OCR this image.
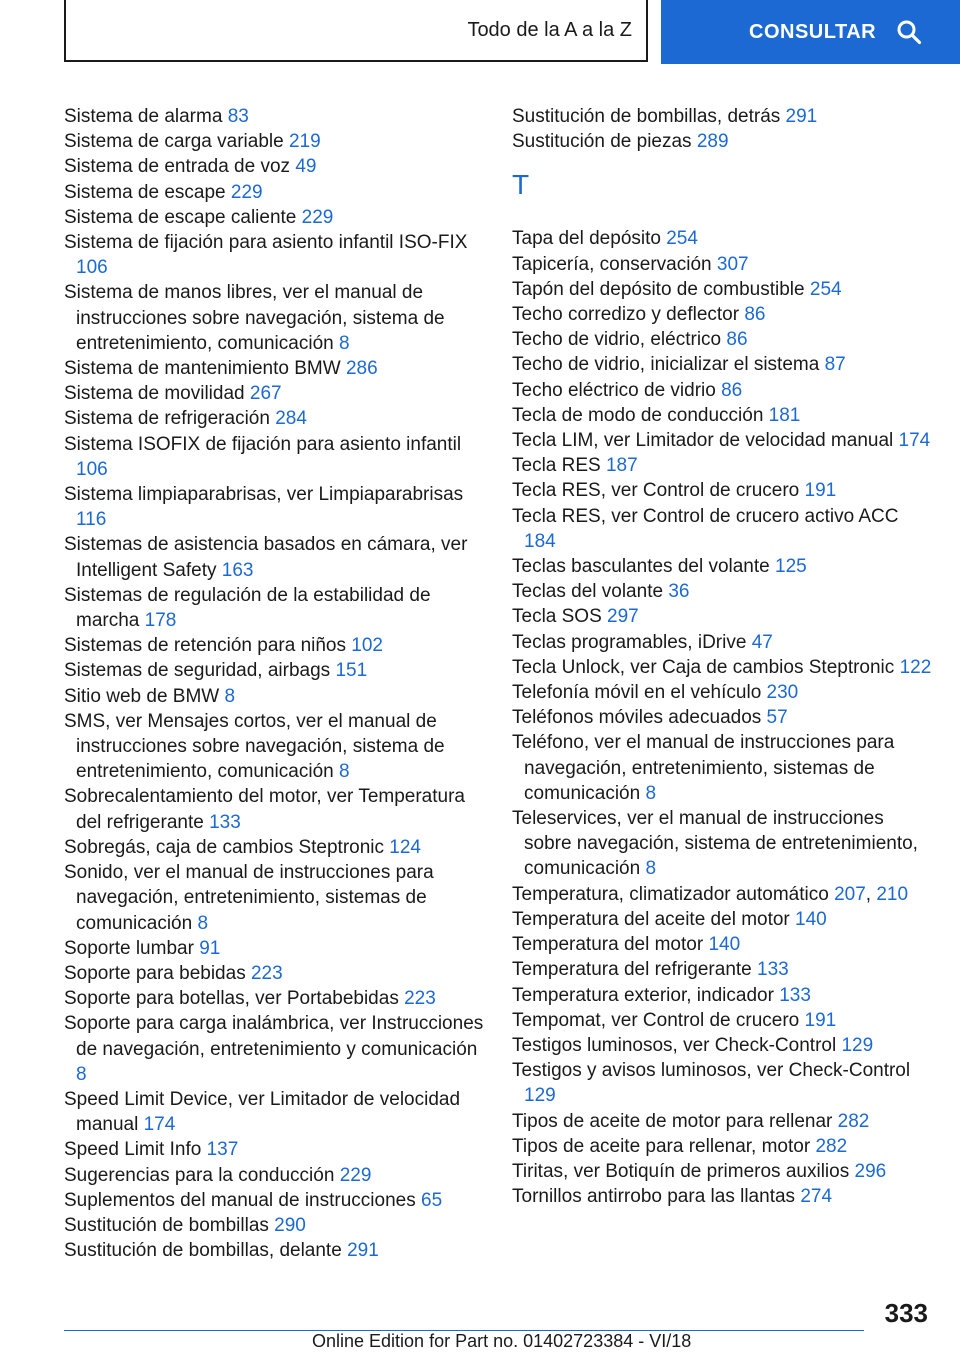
Todo de la A a la Z	CONSULTAR

Sistema de alarma 83

Sistema de carga variable 219

Sistema de entrada de voz 49

Sistema de escape 229

Sistema de escape caliente 229

Sistema de fijación para asiento infantil ISO-FIX 106

Sistema de manos libres, ver el manual de instrucciones sobre navegación, sistema de entretenimiento, comunicación 8

Sistema de mantenimiento BMW 286

Sistema de movilidad 267

Sistema de refrigeración 284

Sistema ISOFIX de fijación para asiento infantil 106

Sistema limpiaparabrisas, ver Limpiaparabrisas 116

Sistemas de asistencia basados en cámara, ver Intelligent Safety 163

Sistemas de regulación de la estabilidad de marcha 178

Sistemas de retención para niños 102

Sistemas de seguridad, airbags 151

Sitio web de BMW 8

SMS, ver Mensajes cortos, ver el manual de instrucciones sobre navegación, sistema de entretenimiento, comunicación 8

Sobrecalentamiento del motor, ver Temperatura del refrigerante 133

Sobregás, caja de cambios Steptronic 124

Sonido, ver el manual de instrucciones para navegación, entretenimiento, sistemas de comunicación 8

Soporte lumbar 91

Soporte para bebidas 223

Soporte para botellas, ver Portabebidas 223

Soporte para carga inalámbrica, ver Instrucciones de navegación, entretenimiento y comunicación 8

Speed Limit Device, ver Limitador de velocidad manual 174

Speed Limit Info 137

Sugerencias para la conducción 229

Suplementos del manual de instrucciones 65

Sustitución de bombillas 290

Sustitución de bombillas, delante 291

Sustitución de bombillas, detrás 291

Sustitución de piezas 289

T

Tapa del depósito 254

Tapicería, conservación 307

Tapón del depósito de combustible 254

Techo corredizo y deflector 86

Techo de vidrio, eléctrico 86

Techo de vidrio, inicializar el sistema 87

Techo eléctrico de vidrio 86

Tecla de modo de conducción 181

Tecla LIM, ver Limitador de velocidad manual 174

Tecla RES 187

Tecla RES, ver Control de crucero 191

Tecla RES, ver Control de crucero activo ACC 184

Teclas basculantes del volante 125

Teclas del volante 36

Tecla SOS 297

Teclas programables, iDrive 47

Tecla Unlock, ver Caja de cambios Steptronic 122

Telefonía móvil en el vehículo 230

Teléfonos móviles adecuados 57

Teléfono, ver el manual de instrucciones para navegación, entretenimiento, sistemas de comunicación 8

Teleservices, ver el manual de instrucciones sobre navegación, sistema de entretenimiento, comunicación 8

Temperatura, climatizador automático 207, 210

Temperatura del aceite del motor 140

Temperatura del motor 140

Temperatura del refrigerante 133

Temperatura exterior, indicador 133

Tempomat, ver Control de crucero 191

Testigos luminosos, ver Check-Control 129

Testigos y avisos luminosos, ver Check-Control 129

Tipos de aceite de motor para rellenar 282

Tipos de aceite para rellenar, motor 282

Tiritas, ver Botiquín de primeros auxilios 296

Tornillos antirrobo para las llantas 274

333
Online Edition for Part no. 01402723384 - VI/18
